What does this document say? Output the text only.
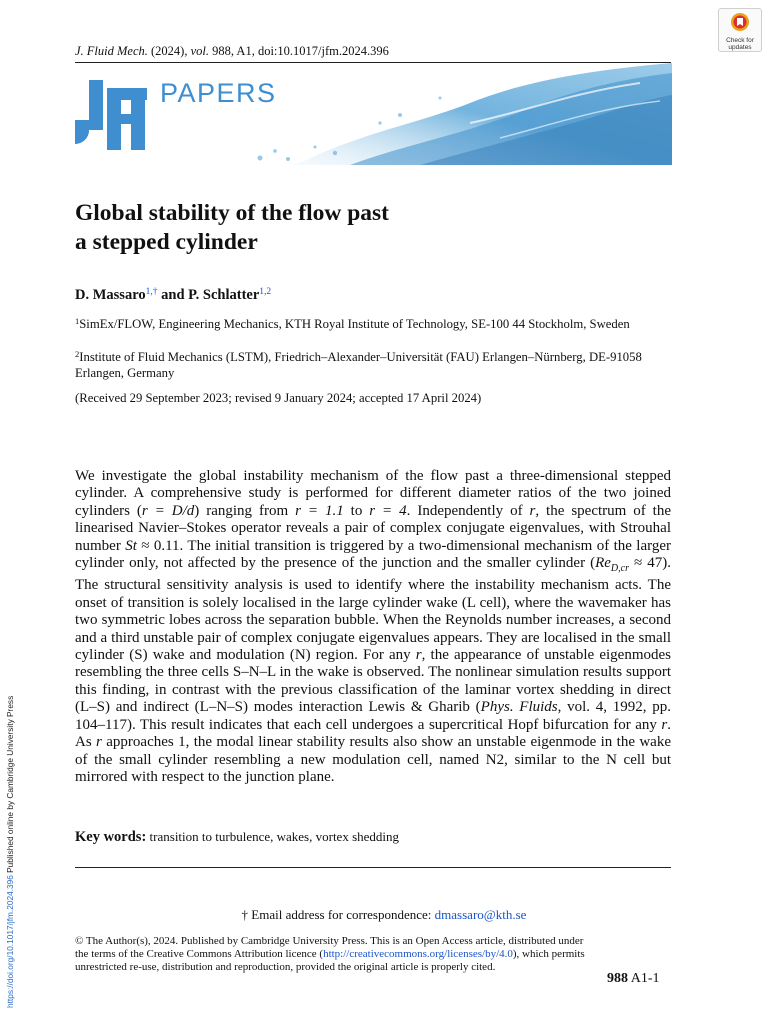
J. Fluid Mech. (2024), vol. 988, A1, doi:10.1017/jfm.2024.396
PAPERS
Check for
updates
Global stability of the flow past
a stepped cylinder
D. Massaro$^{1,\dagger}$ and P. Schlatter$^{1,2}$
$^1$SimEx/FLOW, Engineering Mechanics, KTH Royal Institute of Technology, SE-100 44 Stockholm, Sweden
$^2$Institute of Fluid Mechanics (LSTM), Friedrich–Alexander–Universität (FAU) Erlangen–Nürnberg, DE-91058 Erlangen, Germany
(Received 29 September 2023; revised 9 January 2024; accepted 17 April 2024)

We investigate the global instability mechanism of the flow past a three-dimensional stepped cylinder. A comprehensive study is performed for different diameter ratios of the two joined cylinders (r = D/d) ranging from r = 1.1 to r = 4. Independently of r, the spectrum of the linearised Navier–Stokes operator reveals a pair of complex conjugate eigenvalues, with Strouhal number St ≈ 0.11. The initial transition is triggered by a two-dimensional mechanism of the larger cylinder only, not affected by the presence of the junction and the smaller cylinder $(Re_{D,cr} \approx 47)$. The structural sensitivity analysis is used to identify where the instability mechanism acts. The onset of transition is solely localised in the large cylinder wake (L cell), where the wavemaker has two symmetric lobes across the separation bubble. When the Reynolds number increases, a second and a third unstable pair of complex conjugate eigenvalues appears. They are localised in the small cylinder (S) wake and modulation (N) region. For any r, the appearance of unstable eigenmodes resembling the three cells S–N–L in the wake is observed. The nonlinear simulation results support this finding, in contrast with the previous classification of the laminar vortex shedding in direct (L–S) and indirect (L–N–S) modes interaction Lewis & Gharib (Phys. Fluids, vol. 4, 1992, pp. 104–117). This result indicates that each cell undergoes a supercritical Hopf bifurcation for any r. As r approaches 1, the modal linear stability results also show an unstable eigenmode in the wake of the small cylinder resembling a new modulation cell, named N2, similar to the N cell but mirrored with respect to the junction plane.

Key words: transition to turbulence, wakes, vortex shedding
† Email address for correspondence: dmassaro@kth.se
© The Author(s), 2024. Published by Cambridge University Press. This is an Open Access article, distributed under the terms of the Creative Commons Attribution licence (http://creativecommons.org/licenses/by/4.0), which permits unrestricted re-use, distribution and reproduction, provided the original article is properly cited.
988 A1-1
https://doi.org/10.1017/jfm.2024.396 Published online by Cambridge University Press
